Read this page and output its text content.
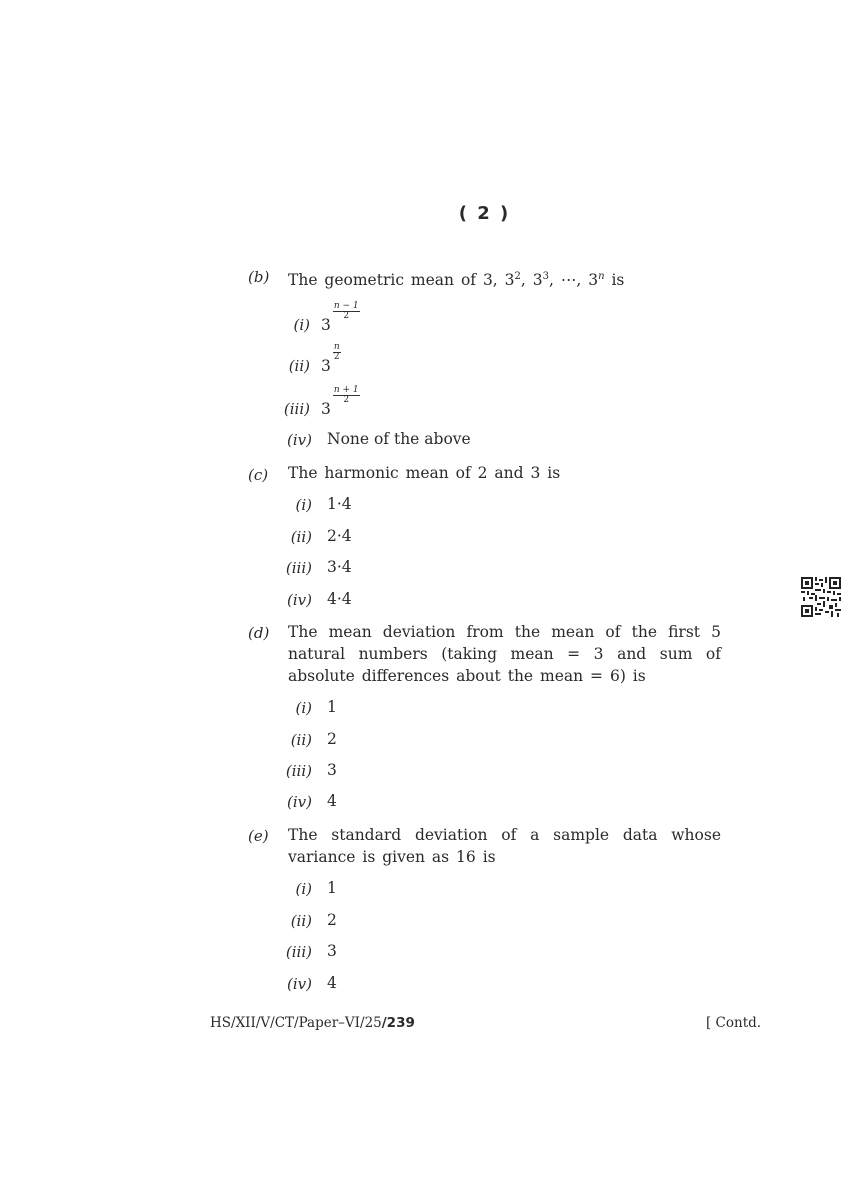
( 2 )
(b)	The geometric mean of 3, $3^2$, $3^3$, ⋯, 3$^n$ is
(i) 3
$\frac{n - 1}{2}$
(ii) 3
$\frac{n}{2}$
(iii) 3
$\frac{n + 1}{2}$
(iv) None of the above
(c)	The harmonic mean of 2 and 3 is
(i) 1·4
(ii) 2·4
(iii) 3·4
(iv) 4·4
(d)	The mean deviation from the mean of the first 5 natural numbers (taking mean = 3 and sum of absolute differences about the mean = 6) is
(i) 1
(ii) 2
(iii) 3
(iv) 4
(e)	The standard deviation of a sample data whose variance is given as 16 is
(i) 1
(ii) 2
(iii) 3
(iv) 4
HS/XII/V/CT/Paper–VI/25/239	[ Contd.
